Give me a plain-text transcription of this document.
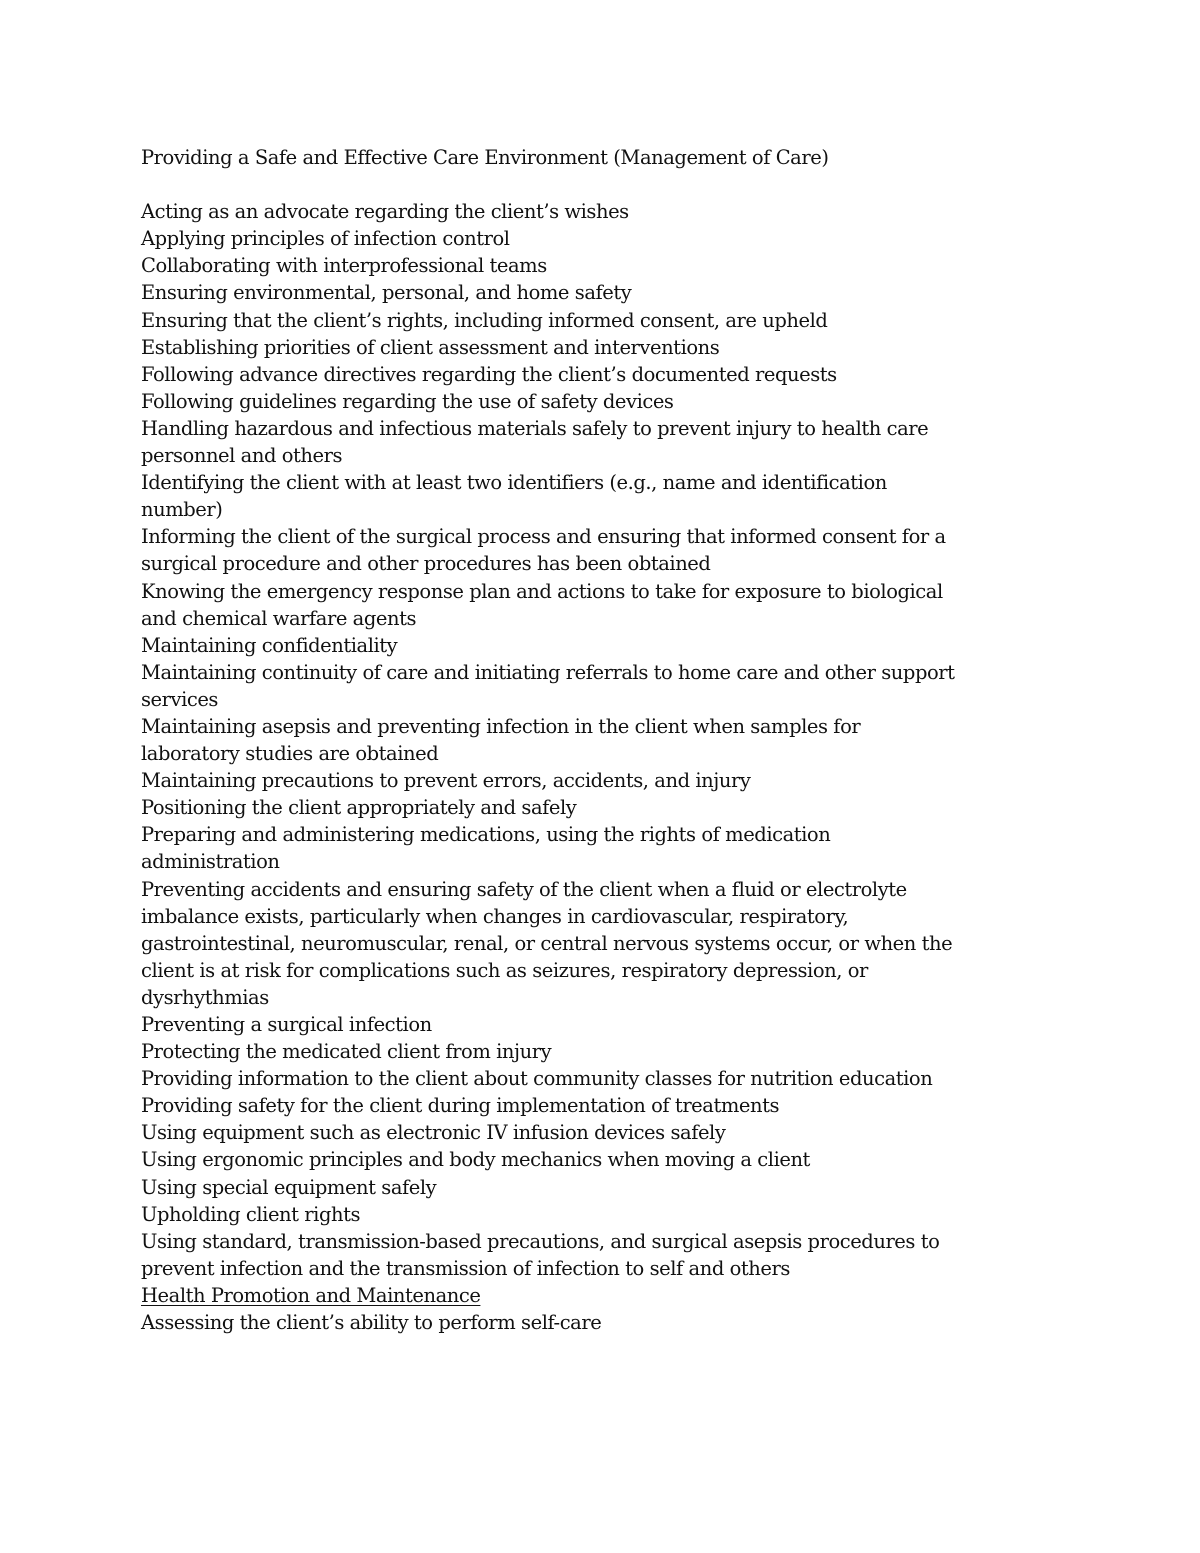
Providing a Safe and Effective Care Environment (Management of Care)

Acting as an advocate regarding the client’s wishes

Applying principles of infection control

Collaborating with interprofessional teams

Ensuring environmental, personal, and home safety

Ensuring that the client’s rights, including informed consent, are upheld

Establishing priorities of client assessment and interventions

Following advance directives regarding the client’s documented requests

Following guidelines regarding the use of safety devices

Handling hazardous and infectious materials safely to prevent injury to health care personnel and others

Identifying the client with at least two identifiers (e.g., name and identification number)

Informing the client of the surgical process and ensuring that informed consent for a surgical procedure and other procedures has been obtained

Knowing the emergency response plan and actions to take for exposure to biological and chemical warfare agents

Maintaining confidentiality

Maintaining continuity of care and initiating referrals to home care and other support services

Maintaining asepsis and preventing infection in the client when samples for laboratory studies are obtained

Maintaining precautions to prevent errors, accidents, and injury

Positioning the client appropriately and safely

Preparing and administering medications, using the rights of medication administration

Preventing accidents and ensuring safety of the client when a fluid or electrolyte imbalance exists, particularly when changes in cardiovascular, respiratory, gastrointestinal, neuromuscular, renal, or central nervous systems occur, or when the client is at risk for complications such as seizures, respiratory depression, or dysrhythmias

Preventing a surgical infection

Protecting the medicated client from injury

Providing information to the client about community classes for nutrition education

Providing safety for the client during implementation of treatments

Using equipment such as electronic IV infusion devices safely

Using ergonomic principles and body mechanics when moving a client

Using special equipment safely

Upholding client rights

Using standard, transmission-based precautions, and surgical asepsis procedures to prevent infection and the transmission of infection to self and others

Health Promotion and Maintenance

Assessing the client’s ability to perform self-care
